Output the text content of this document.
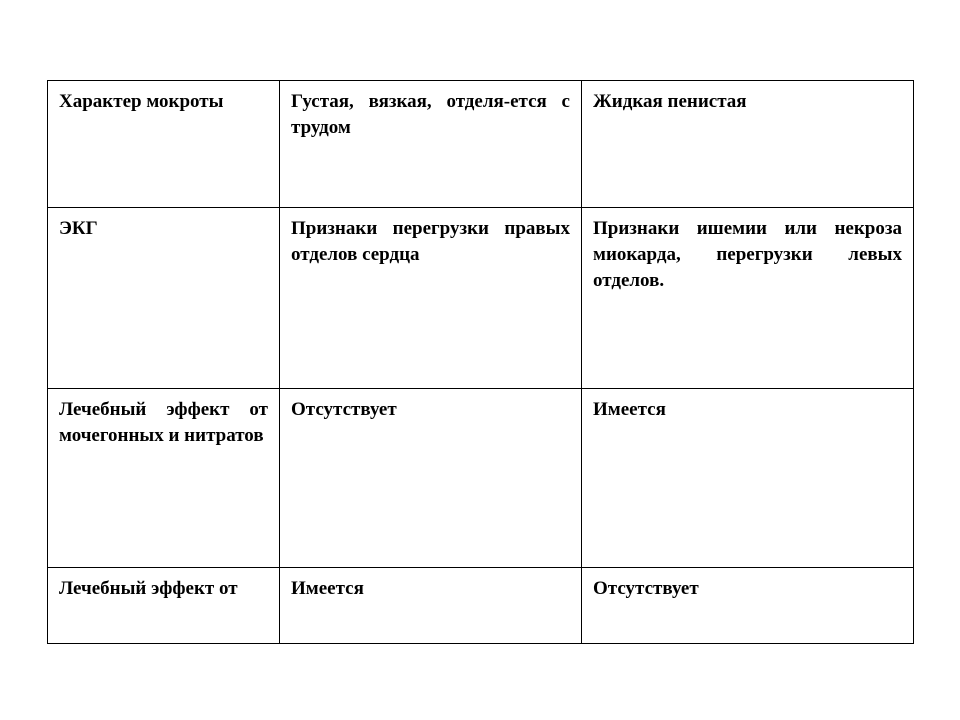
Характер мокроты	Густая, вязкая, отделя-ется с трудом	Жидкая пенистая
ЭКГ	Признаки перегрузки правых отделов сердца	Признаки ишемии или некроза миокарда, перегрузки левых отделов.
Лечебный эффект от мочегонных и нитратов	Отсутствует	Имеется
Лечебный эффект от	Имеется	Отсутствует
